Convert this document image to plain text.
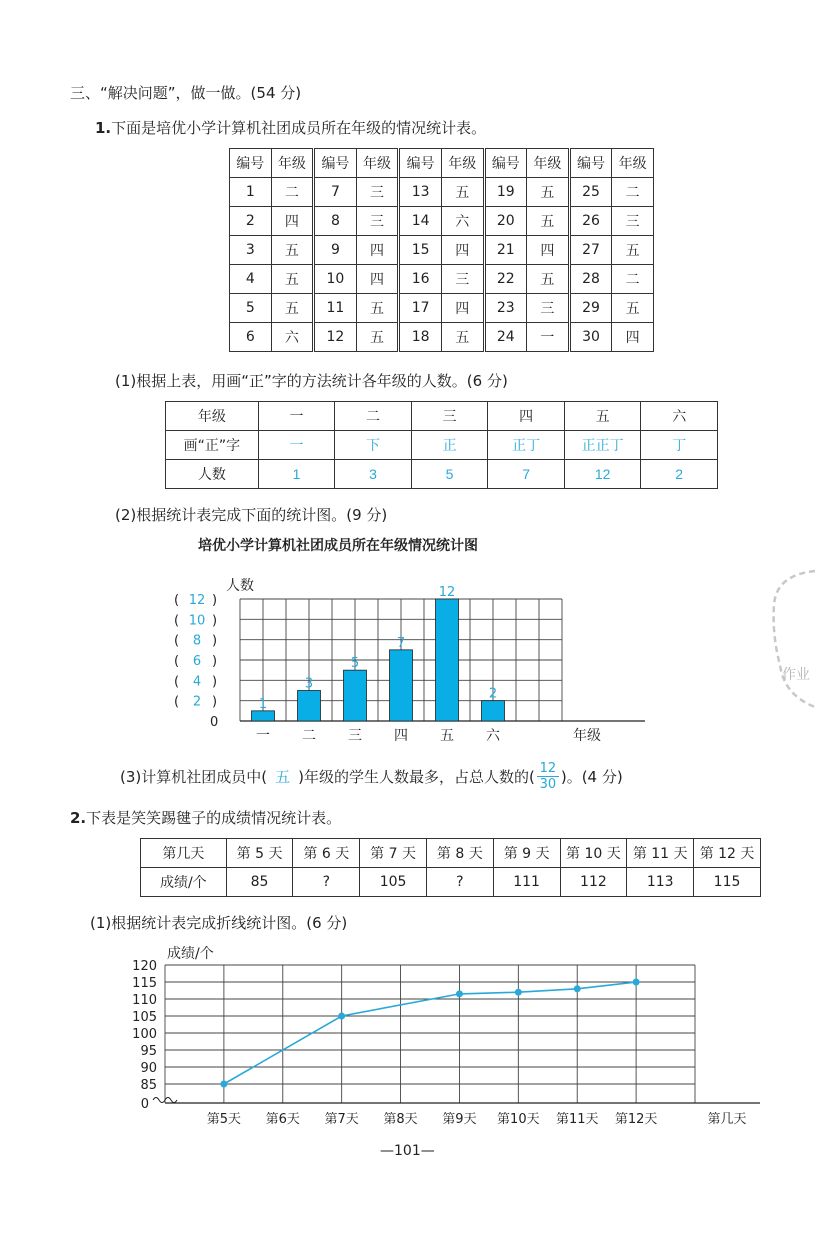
三、“解决问题”，做一做。(54 分)
1.下面是培优小学计算机社团成员所在年级的情况统计表。
编号	年级	编号	年级	编号	年级	编号	年级	编号	年级
1	二	7	三	13	五	19	五	25	二
2	四	8	三	14	六	20	五	26	三
3	五	9	四	15	四	21	四	27	五
4	五	10	四	16	三	22	五	28	二
5	五	11	五	17	四	23	三	29	五
6	六	12	五	18	五	24	一	30	四
(1)根据上表，用画“正”字的方法统计各年级的人数。(6 分)
年级	一	二	三	四	五	六
画“正”字	一	下	正	正丁	正正丁	丁
人数	1	3	5	7	12	2
(2)根据统计表完成下面的统计图。(9 分)
培优小学计算机社团成员所在年级情况统计图
人数
0
( 2 )
( 4 )
( 6 )
( 8 )
( 10 )
( 12 )
1
一
3
二
5
三
7
四
12
五
2
六	年级
(3)计算机社团成员中( 五 )年级的学生人数最多，占总人数的( $\frac{12}{30}$ )。(4 分)
2.下表是笑笑踢毽子的成绩情况统计表。
第几天	第 5 天	第 6 天	第 7 天	第 8 天	第 9 天	第 10 天	第 11 天	第 12 天
成绩/个	85	?	105	?	111	112	113	115
(1)根据统计表完成折线统计图。(6 分)
成绩/个
85
90
95
100
105
110
115
120
0
第5天 第6天 第7天 第8天 第9天 第10天 第11天 第12天	第几天
—101—
作业
